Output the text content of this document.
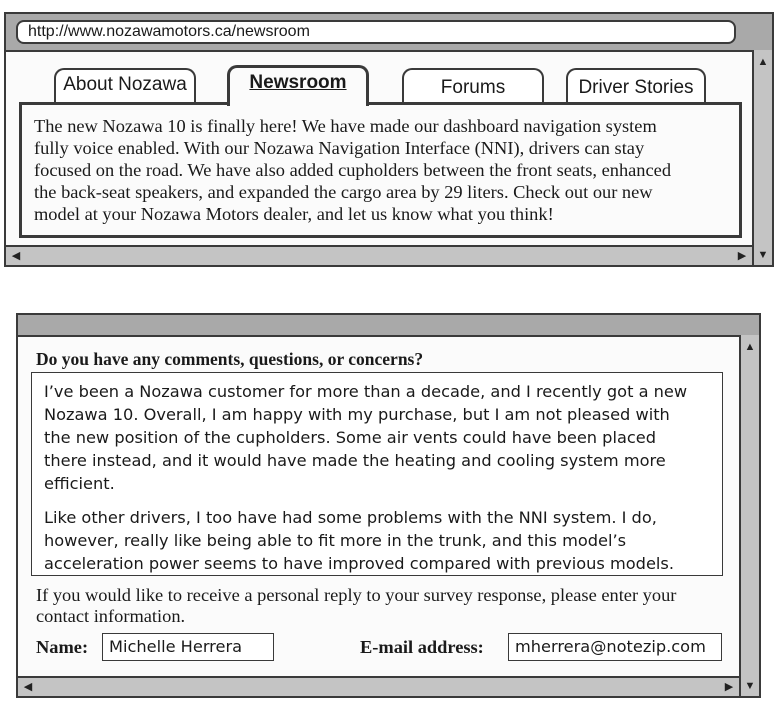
http://www.nozawamotors.ca/newsroom
About Nozawa	Newsroom	Forums	Driver Stories
The new Nozawa 10 is finally here! We have made our dashboard navigation system
fully voice enabled. With our Nozawa Navigation Interface (NNI), drivers can stay
focused on the road. We have also added cupholders between the front seats, enhanced
the back-seat speakers, and expanded the cargo area by 29 liters. Check out our new
model at your Nozawa Motors dealer, and let us know what you think!
▲
▼
◀	▶
Do you have any comments, questions, or concerns?

I’ve been a Nozawa customer for more than a decade, and I recently got a new
Nozawa 10. Overall, I am happy with my purchase, but I am not pleased with
the new position of the cupholders. Some air vents could have been placed
there instead, and it would have made the heating and cooling system more
efficient.

Like other drivers, I too have had some problems with the NNI system. I do,
however, really like being able to fit more in the trunk, and this model’s
acceleration power seems to have improved compared with previous models.

If you would like to receive a personal reply to your survey response, please enter your
contact information.
Name:	Michelle Herrera	E-mail address:	mherrera@notezip.com
▲
▼
◀	▶
